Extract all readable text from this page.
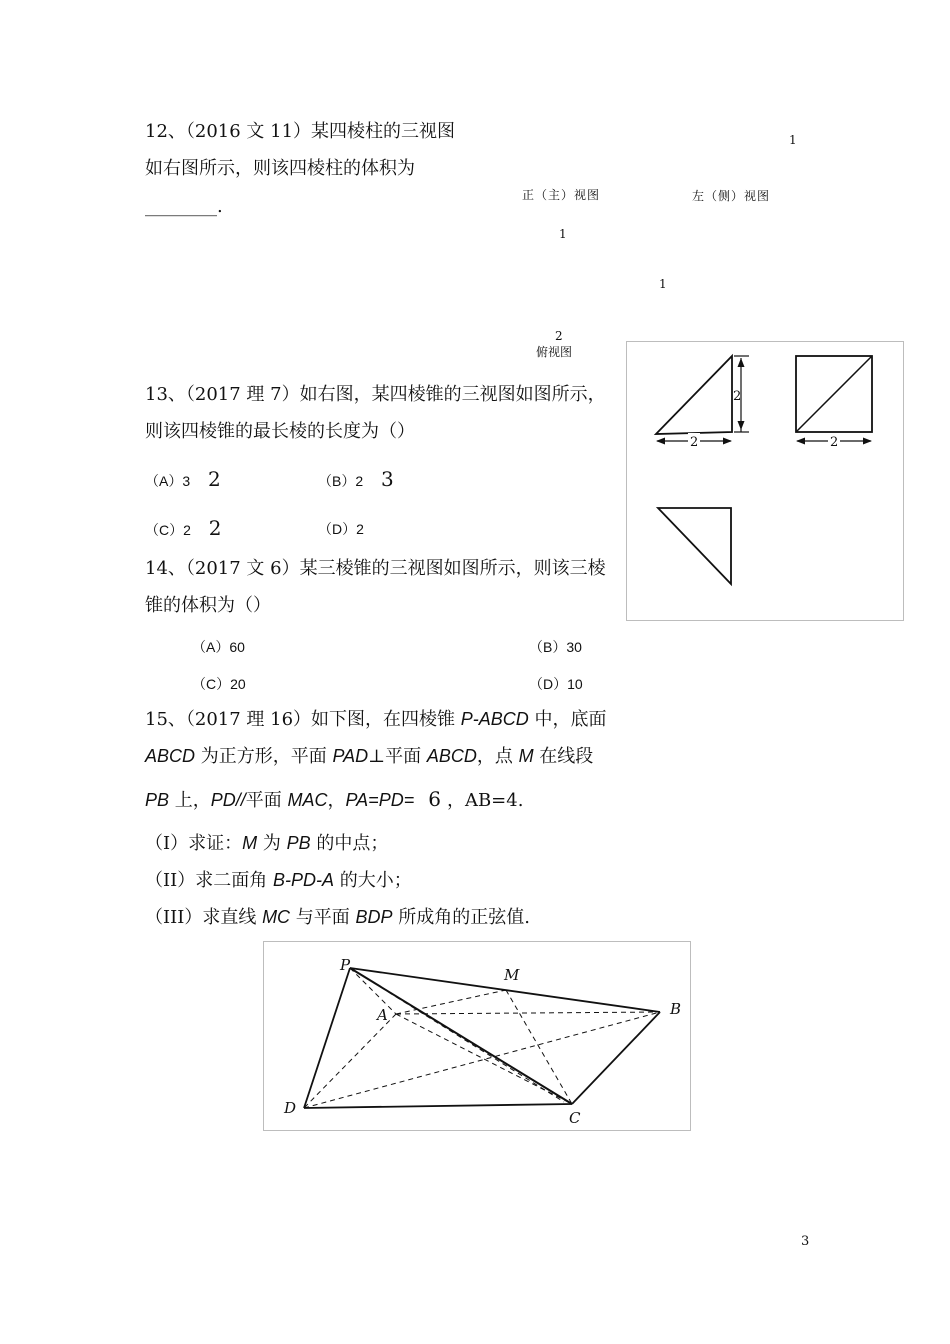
12、（2016 文 11）某四棱柱的三视图
如右图所示，则该四棱柱的体积为
________.
1
正（主）视图	左（侧）视图
1
1
2
俯视图
2
2	2
13、（2017 理 7）如右图，某四棱锥的三视图如图所示，
则该四棱锥的最长棱的长度为（）
（A）3 2	（B）2 3
（C）2 2	（D）2
14、（2017 文 6）某三棱锥的三视图如图所示，则该三棱
锥的体积为（）
（A）60	（B）30
（C）20	（D）10
15、（2017 理 16）如下图，在四棱锥 P-ABCD 中，底面
ABCD 为正方形，平面 PAD⊥平面 ABCD，点 M 在线段
PB 上，PD//平面 MAC，PA=PD= 6 ，AB=4.
（I）求证：M 为 PB 的中点；
（II）求二面角 B-PD-A 的大小；
（III）求直线 MC 与平面 BDP 所成角的正弦值.
P
M
A	B
D
C
3
